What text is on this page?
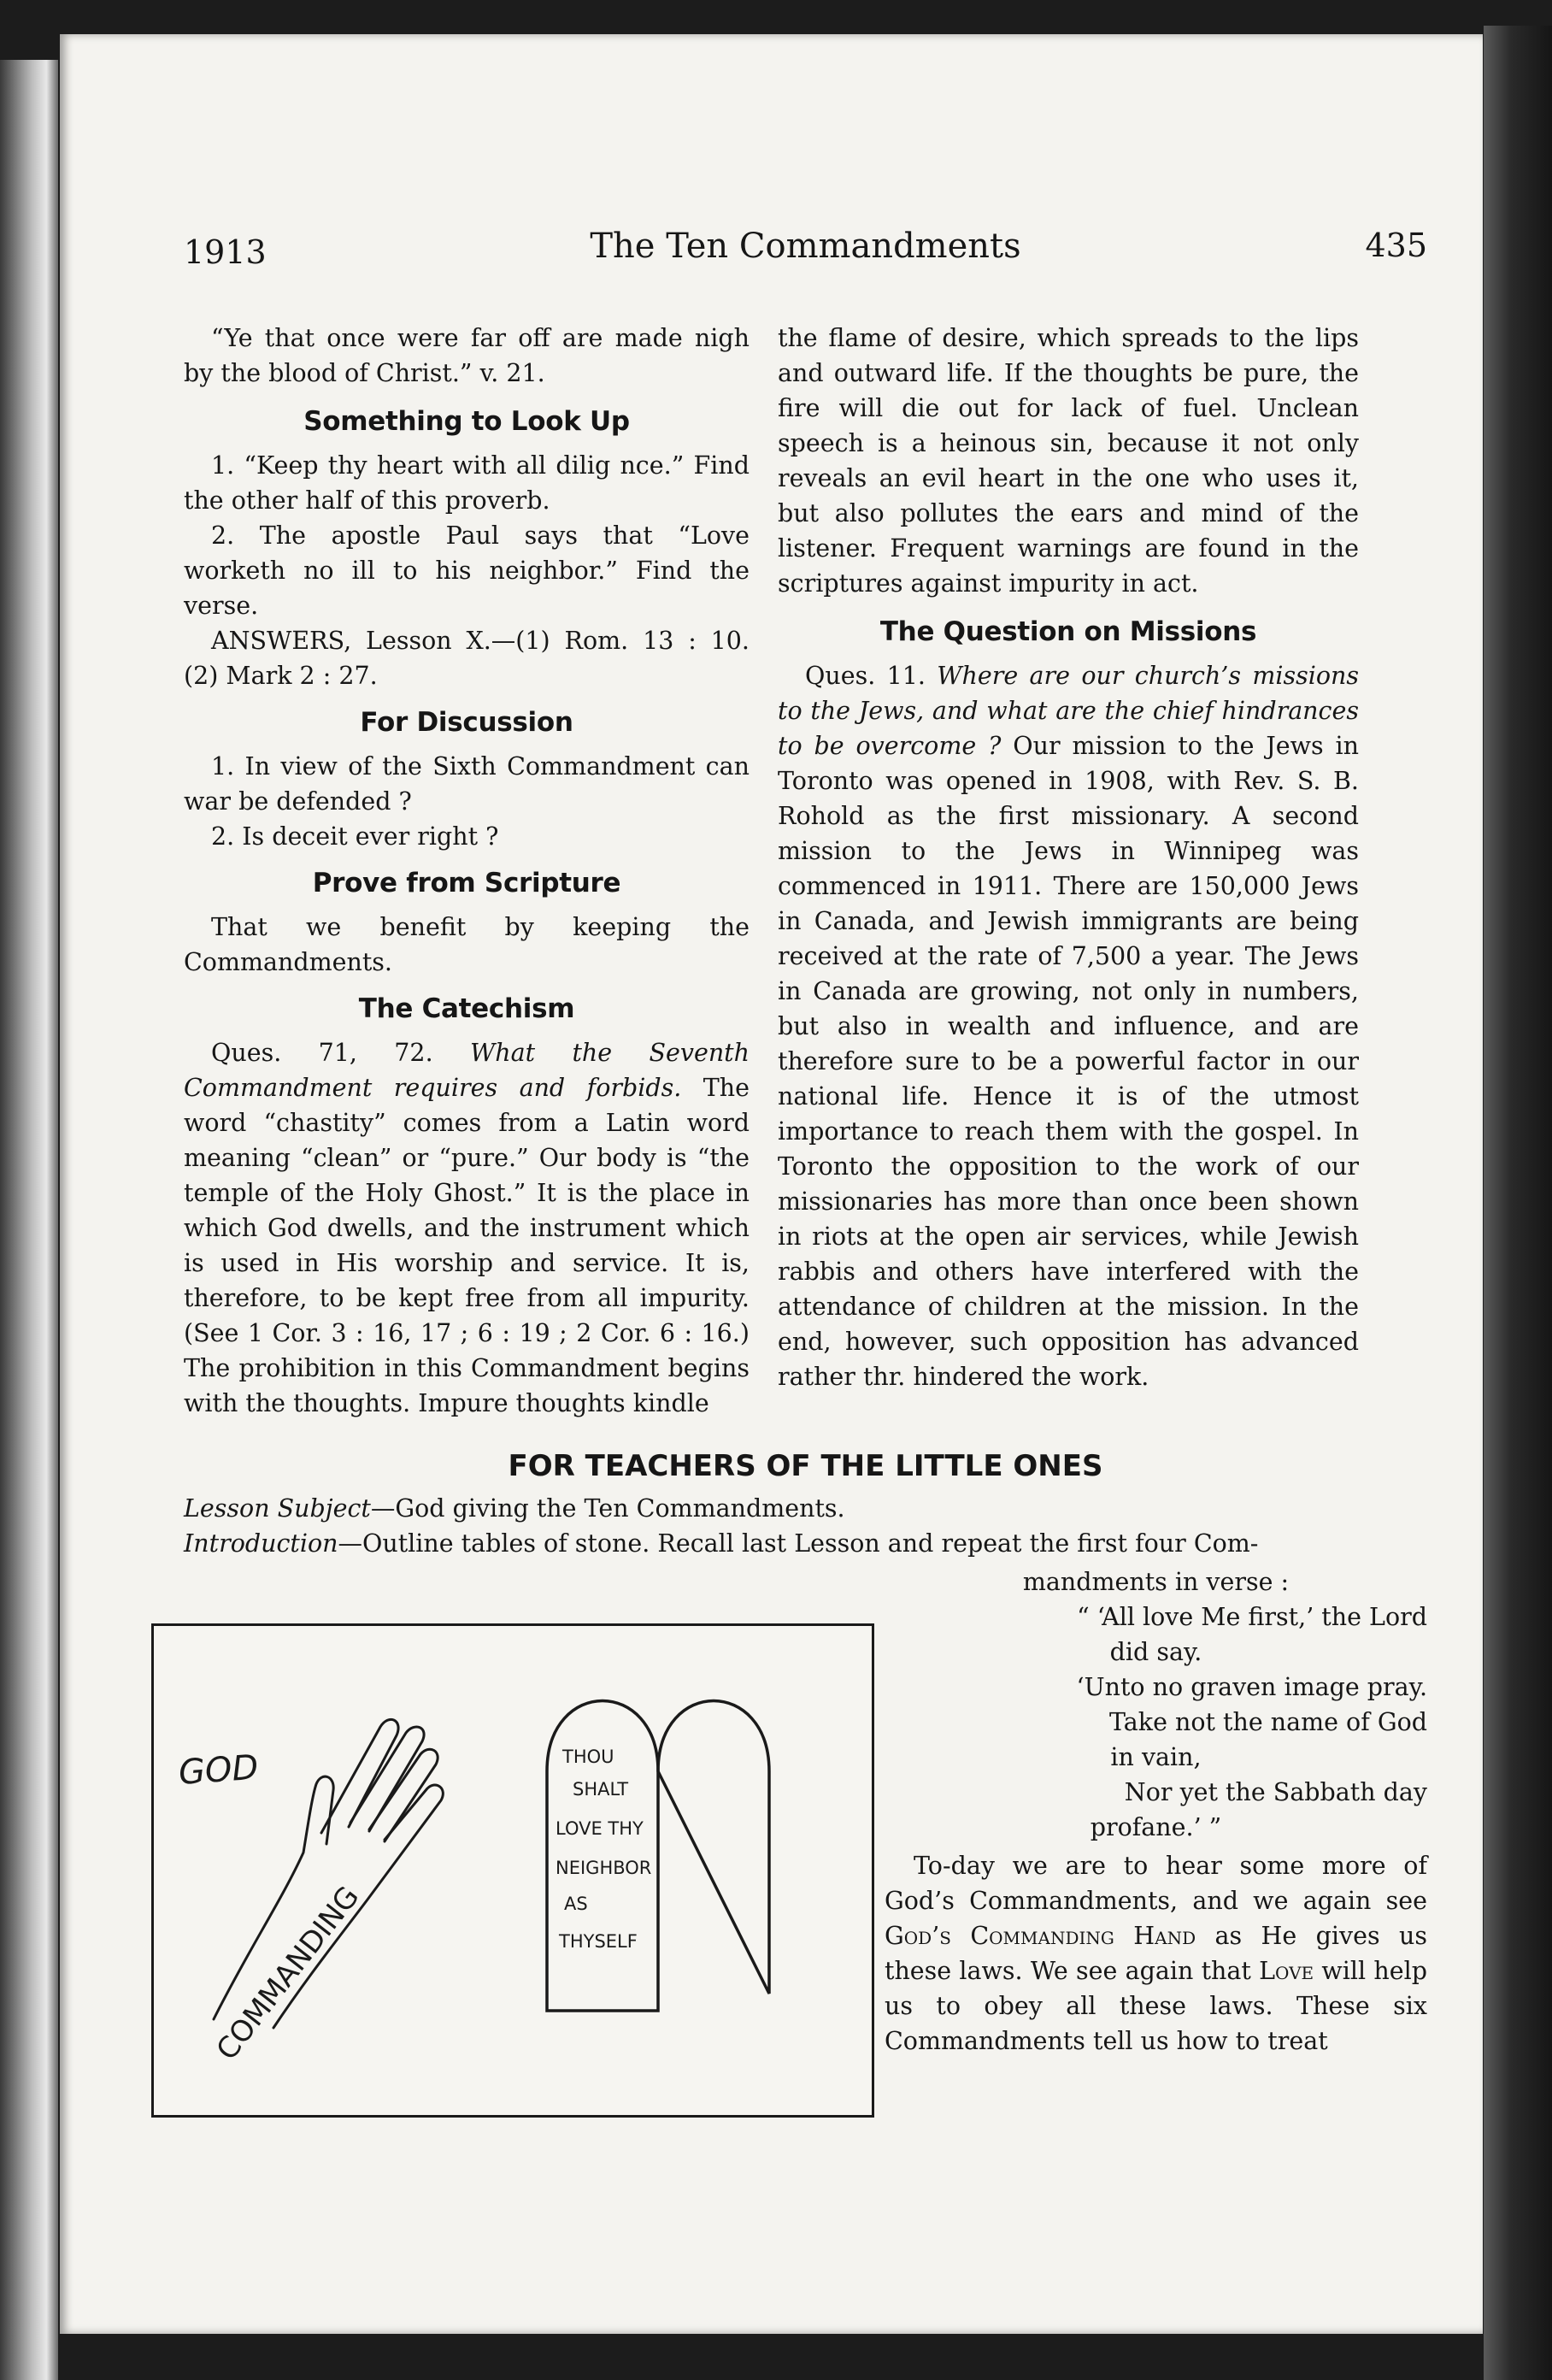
1913	The Ten Commandments	435

“Ye that once were far off are made nigh by the blood of Christ.” v. 21.

Something to Look Up

1. “Keep thy heart with all dilig nce.” Find the other half of this proverb.

2. The apostle Paul says that “Love worketh no ill to his neighbor.” Find the verse.

ANSWERS, Lesson X.—(1) Rom. 13 : 10. (2) Mark 2 : 27.

For Discussion

1. In view of the Sixth Commandment can war be defended ?

2. Is deceit ever right ?

Prove from Scripture

That we benefit by keeping the Commandments.

The Catechism

Ques. 71, 72. What the Seventh Commandment requires and forbids. The word “chastity” comes from a Latin word meaning “clean” or “pure.” Our body is “the temple of the Holy Ghost.” It is the place in which God dwells, and the instrument which is used in His worship and service. It is, therefore, to be kept free from all impurity. (See 1 Cor. 3 : 16, 17 ; 6 : 19 ; 2 Cor. 6 : 16.) The prohibition in this Commandment begins with the thoughts. Impure thoughts kindle

the flame of desire, which spreads to the lips and outward life. If the thoughts be pure, the fire will die out for lack of fuel. Unclean speech is a heinous sin, because it not only reveals an evil heart in the one who uses it, but also pollutes the ears and mind of the listener. Frequent warnings are found in the scriptures against impurity in act.

The Question on Missions

Ques. 11. Where are our church’s missions to the Jews, and what are the chief hindrances to be overcome ? Our mission to the Jews in Toronto was opened in 1908, with Rev. S. B. Rohold as the first missionary. A second mission to the Jews in Winnipeg was commenced in 1911. There are 150,000 Jews in Canada, and Jewish immigrants are being received at the rate of 7,500 a year. The Jews in Canada are growing, not only in numbers, but also in wealth and influence, and are therefore sure to be a powerful factor in our national life. Hence it is of the utmost importance to reach them with the gospel. In Toronto the opposition to the work of our missionaries has more than once been shown in riots at the open air services, while Jewish rabbis and others have interfered with the attendance of children at the mission. In the end, however, such opposition has advanced rather thr. hindered the work.

FOR TEACHERS OF THE LITTLE ONES

Lesson Subject—God giving the Ten Commandments.

Introduction—Outline tables of stone. Recall last Lesson and repeat the first four Com-

GOD
COMMANDING
THOU
SHALT
LOVE THY
NEIGHBOR
AS
THYSELF

mandments in verse :

“ ‘All love Me first,’ the Lord

did say.

‘Unto no graven image pray.

Take not the name of God

in vain,

Nor yet the Sabbath day

profane.’ ”

To-day we are to hear some more of God’s Commandments, and we again see God’s Commanding Hand as He gives us these laws. We see again that Love will help us to obey all these laws. These six Commandments tell us how to treat
